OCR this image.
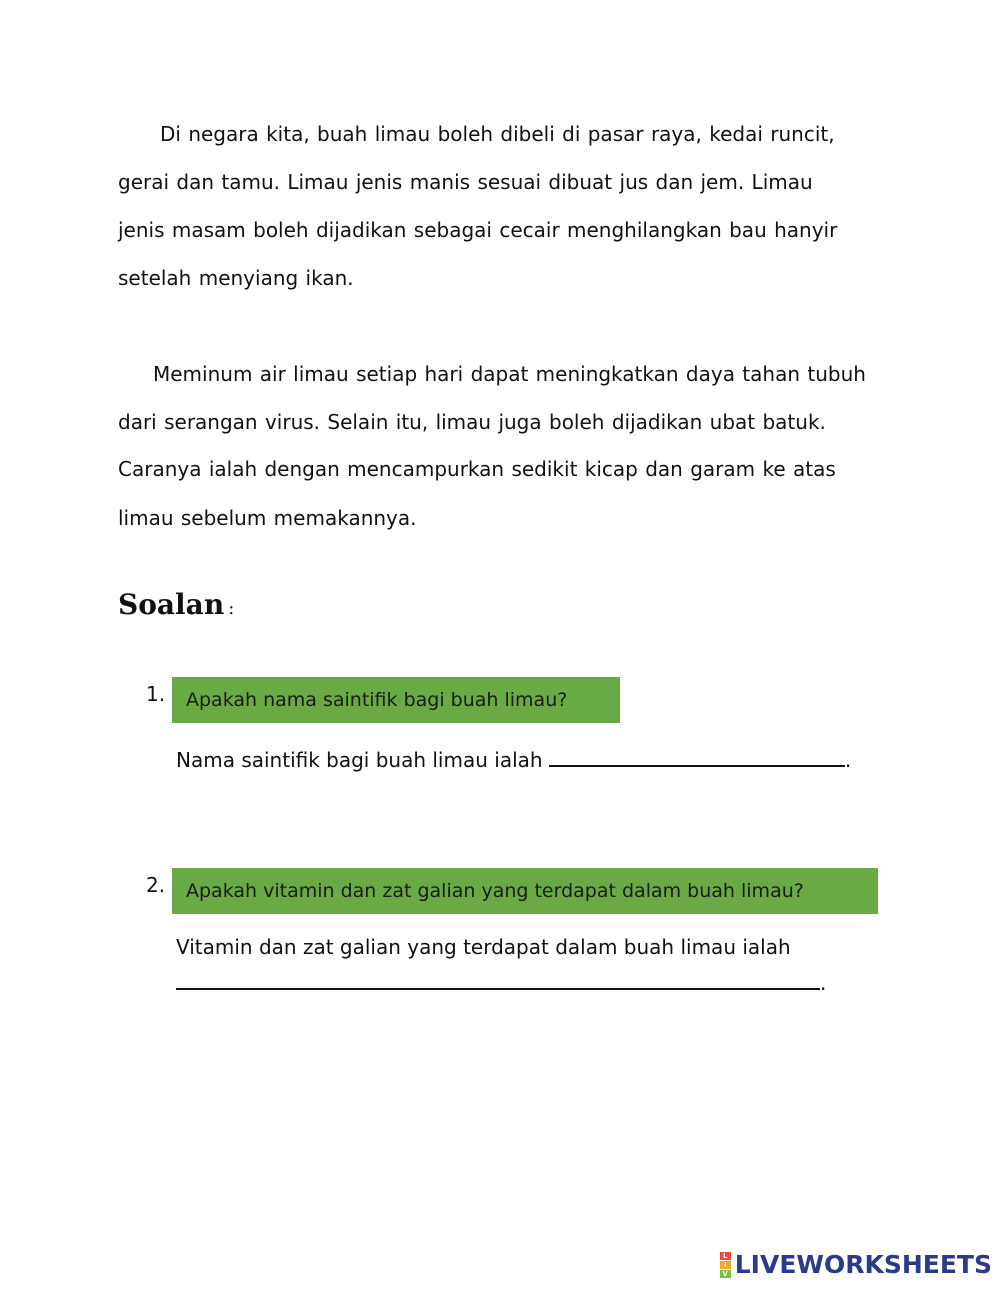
Di negara kita, buah limau boleh dibeli di pasar raya, kedai runcit,
gerai dan tamu. Limau jenis manis sesuai dibuat jus dan jem. Limau
jenis masam boleh dijadikan sebagai cecair menghilangkan bau hanyir
setelah menyiang ikan.
Meminum air limau setiap hari dapat meningkatkan daya tahan tubuh
dari serangan virus. Selain itu, limau juga boleh dijadikan ubat batuk.
Caranya ialah dengan mencampurkan sedikit kicap dan garam ke atas
limau sebelum memakannya.
Soalan :
1.	Apakah nama saintifik bagi buah limau?
Nama saintifik bagi buah limau ialah	.
2.	Apakah vitamin dan zat galian yang terdapat dalam buah limau?
Vitamin dan zat galian yang terdapat dalam buah limau ialah
.
L
I
V LIVEWORKSHEETS
